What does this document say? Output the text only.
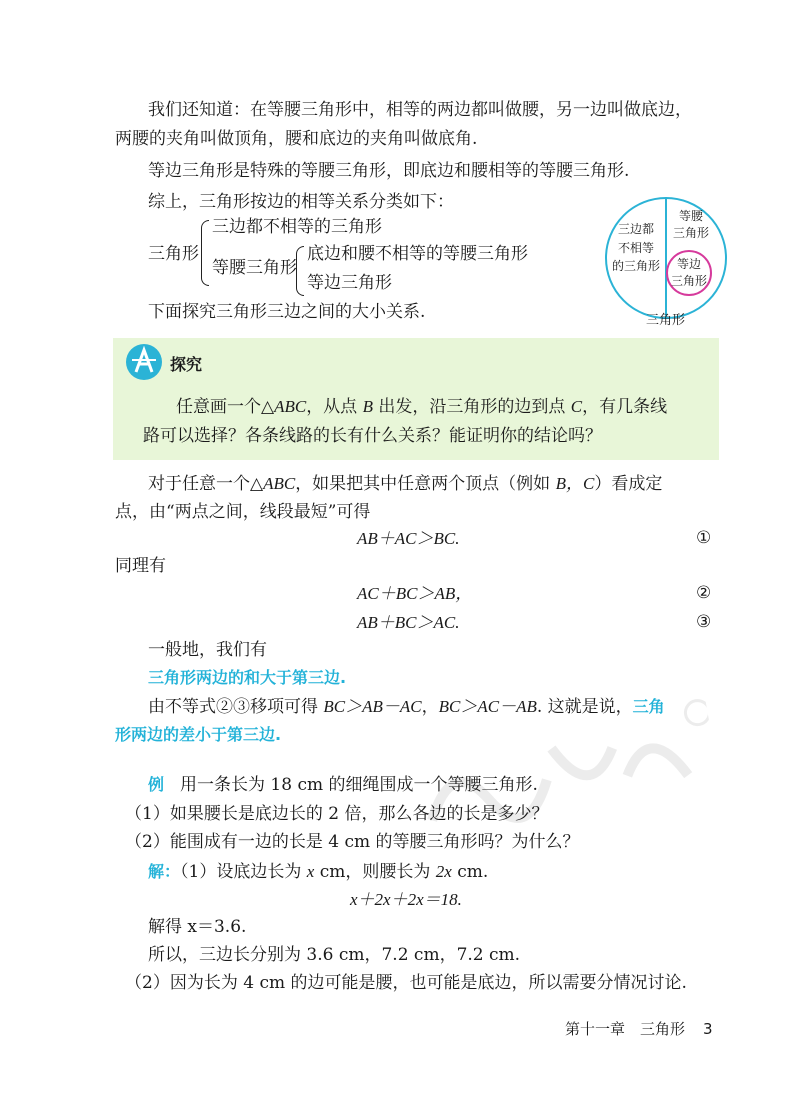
我们还知道：在等腰三角形中，相等的两边都叫做腰，另一边叫做底边，
两腰的夹角叫做顶角，腰和底边的夹角叫做底角.
等边三角形是特殊的等腰三角形，即底边和腰相等的等腰三角形.
综上，三角形按边的相等关系分类如下：
三角形
三边都不相等的三角形
等腰三角形
底边和腰不相等的等腰三角形
等边三角形
下面探究三角形三边之间的大小关系.
三边都
不相等
的三角形
等腰
三角形
等边
三角形
三角形
探究
任意画一个△ABC，从点 B 出发，沿三角形的边到点 C，有几条线
路可以选择？各条线路的长有什么关系？能证明你的结论吗？
对于任意一个△ABC，如果把其中任意两个顶点（例如 B，C）看成定
点，由“两点之间，线段最短”可得
AB＋AC＞BC.	①
同理有
AC＋BC＞AB，	②
AB＋BC＞AC.	③
一般地，我们有
三角形两边的和大于第三边.
由不等式②③移项可得 BC＞AB－AC，BC＞AC－AB. 这就是说，三角
形两边的差小于第三边.
例 用一条长为 18 cm 的细绳围成一个等腰三角形.
（1）如果腰长是底边长的 2 倍，那么各边的长是多少？
（2）能围成有一边的长是 4 cm 的等腰三角形吗？为什么？
解：（1）设底边长为 x cm，则腰长为 2x cm.
x＋2x＋2x＝18.
解得 x＝3.6.
所以，三边长分别为 3.6 cm，7.2 cm，7.2 cm.
（2）因为长为 4 cm 的边可能是腰，也可能是底边，所以需要分情况讨论.
第十一章　三角形 3
